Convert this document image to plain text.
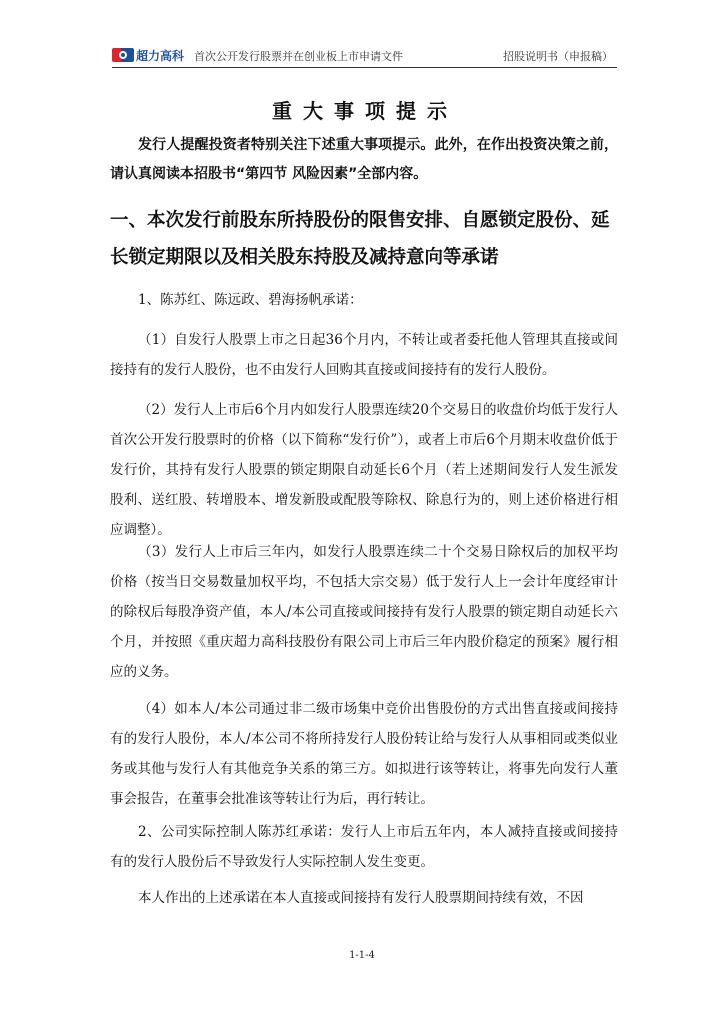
超力高科 首次公开发行股票并在创业板上市申请文件	招股说明书（申报稿）
重大事项提示

发行人提醒投资者特别关注下述重大事项提示。此外，在作出投资决策之前，请认真阅读本招股书“第四节 风险因素”全部内容。

一、本次发行前股东所持股份的限售安排、自愿锁定股份、延长锁定期限以及相关股东持股及减持意向等承诺

1、陈苏红、陈远政、碧海扬帆承诺：

（1）自发行人股票上市之日起36个月内，不转让或者委托他人管理其直接或间接持有的发行人股份，也不由发行人回购其直接或间接持有的发行人股份。

（2）发行人上市后6个月内如发行人股票连续20个交易日的收盘价均低于发行人首次公开发行股票时的价格（以下简称“发行价”），或者上市后6个月期末收盘价低于发行价，其持有发行人股票的锁定期限自动延长6个月（若上述期间发行人发生派发股利、送红股、转增股本、增发新股或配股等除权、除息行为的，则上述价格进行相应调整）。

（3）发行人上市后三年内，如发行人股票连续二十个交易日除权后的加权平均价格（按当日交易数量加权平均，不包括大宗交易）低于发行人上一会计年度经审计的除权后每股净资产值，本人/本公司直接或间接持有发行人股票的锁定期自动延长六个月，并按照《重庆超力高科技股份有限公司上市后三年内股价稳定的预案》履行相应的义务。

（4）如本人/本公司通过非二级市场集中竞价出售股份的方式出售直接或间接持有的发行人股份，本人/本公司不将所持发行人股份转让给与发行人从事相同或类似业务或其他与发行人有其他竞争关系的第三方。如拟进行该等转让，将事先向发行人董事会报告，在董事会批准该等转让行为后，再行转让。

2、公司实际控制人陈苏红承诺：发行人上市后五年内，本人减持直接或间接持有的发行人股份后不导致发行人实际控制人发生变更。

本人作出的上述承诺在本人直接或间接持有发行人股票期间持续有效，不因

1-1-4
